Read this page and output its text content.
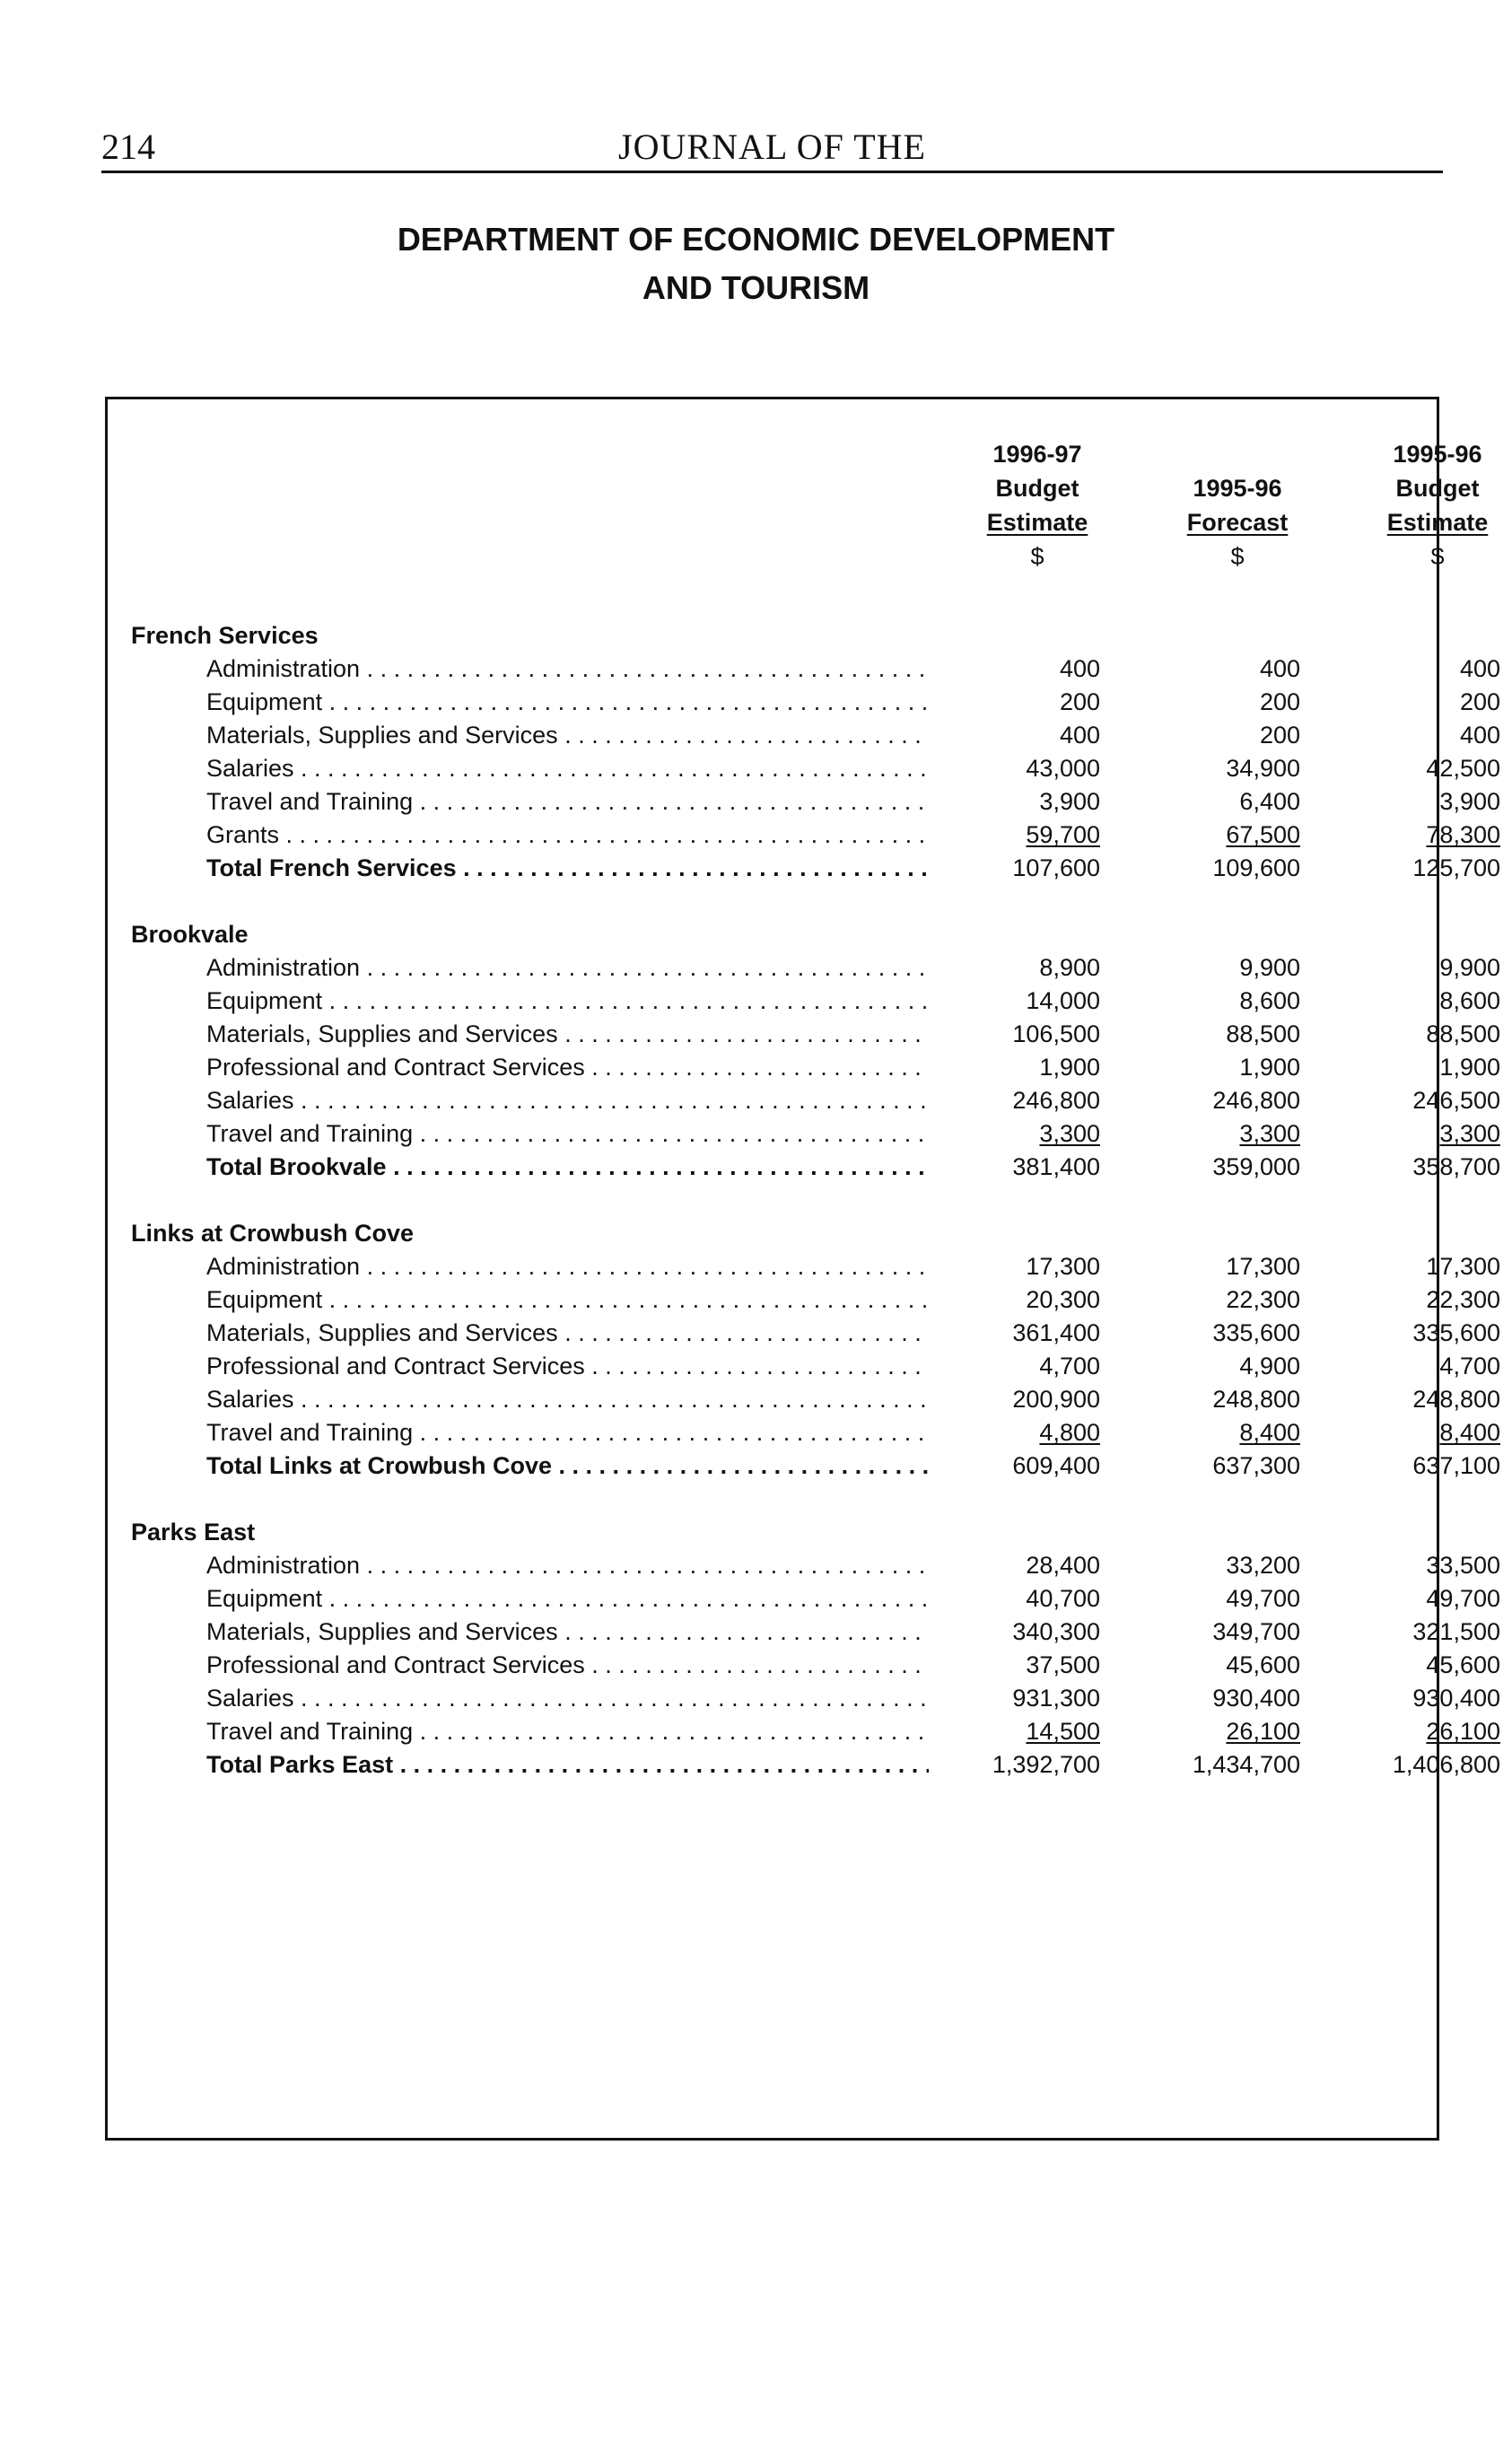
214	JOURNAL OF THE
DEPARTMENT OF ECONOMIC DEVELOPMENT
AND TOURISM
1996-97
Budget
Estimate
$

1995-96
Forecast
$
1995-96
Budget
Estimate
$
French Services
Administration . . .	400	400	400
Equipment . . .	200	200	200
Materials, Supplies and Services . . .	400	200	400
Salaries . . .	43,000	34,900	42,500
Travel and Training . . .	3,900	6,400	3,900
Grants . . .	59,700	67,500	78,300
Total French Services . . .	107,600	109,600	125,700
Brookvale
Administration . . .	8,900	9,900	9,900
Equipment . . .	14,000	8,600	8,600
Materials, Supplies and Services . . .	106,500	88,500	88,500
Professional and Contract Services . . .	1,900	1,900	1,900
Salaries . . .	246,800	246,800	246,500
Travel and Training . . .	3,300	3,300	3,300
Total Brookvale . . .	381,400	359,000	358,700
Links at Crowbush Cove
Administration . . .	17,300	17,300	17,300
Equipment . . .	20,300	22,300	22,300
Materials, Supplies and Services . . .	361,400	335,600	335,600
Professional and Contract Services . . .	4,700	4,900	4,700
Salaries . . .	200,900	248,800	248,800
Travel and Training . . .	4,800	8,400	8,400
Total Links at Crowbush Cove . . .	609,400	637,300	637,100
Parks East
Administration . . .	28,400	33,200	33,500
Equipment . . .	40,700	49,700	49,700
Materials, Supplies and Services . . .	340,300	349,700	321,500
Professional and Contract Services . . .	37,500	45,600	45,600
Salaries . . .	931,300	930,400	930,400
Travel and Training . . .	14,500	26,100	26,100
Total Parks East . . .	1,392,700	1,434,700	1,406,800
